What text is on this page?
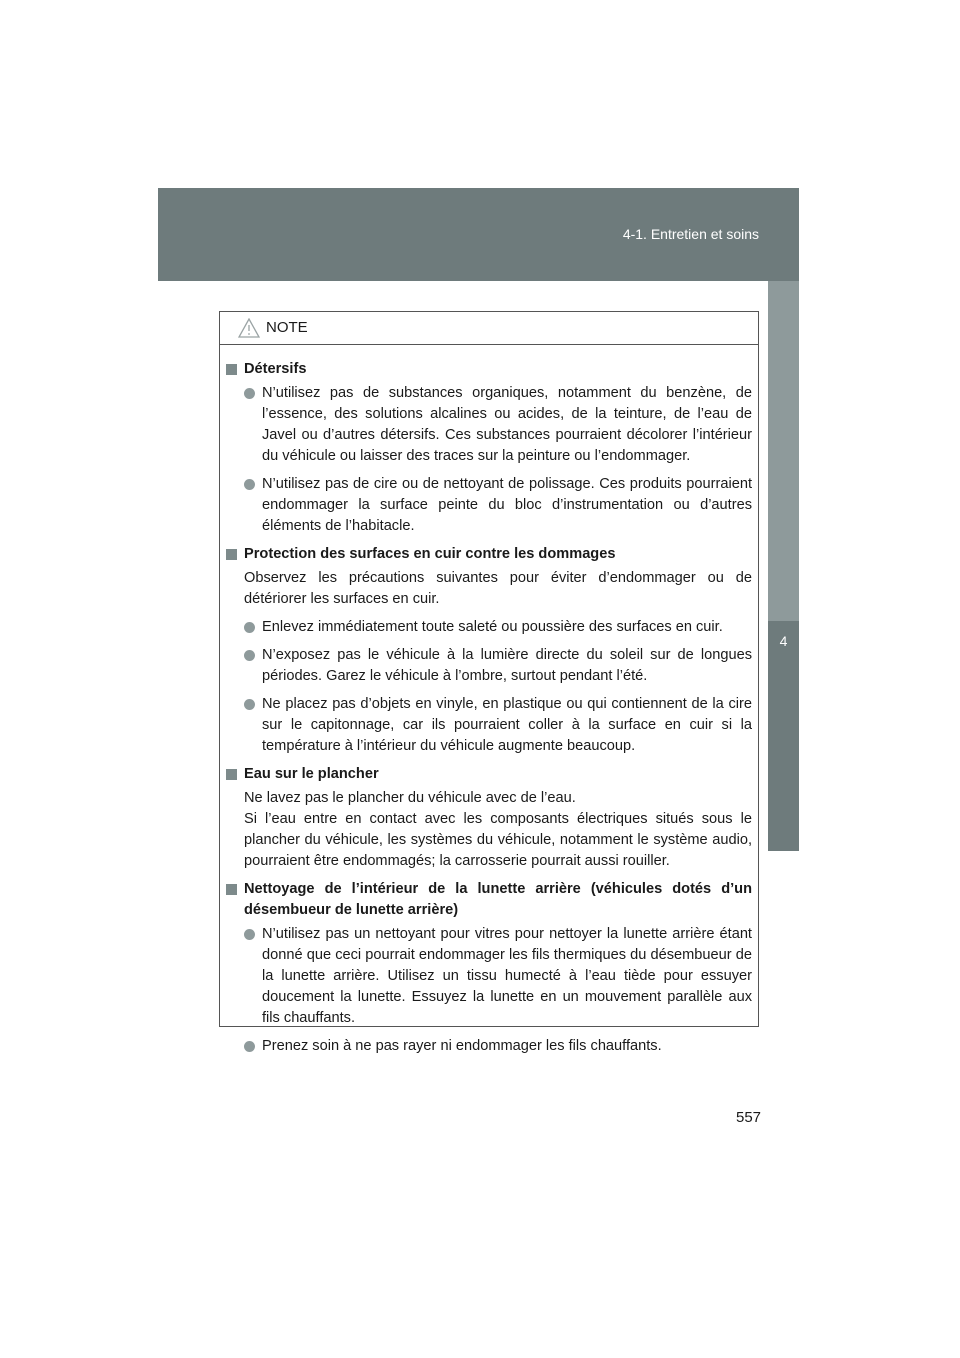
4-1. Entretien et soins
4
Entretien et soins
NOTE
Détersifs
N’utilisez pas de substances organiques, notamment du benzène, de l’essence, des solutions alcalines ou acides, de la teinture, de l’eau de Javel ou d’autres détersifs. Ces substances pourraient décolorer l’intérieur du véhicule ou laisser des traces sur la peinture ou l’endommager.
N’utilisez pas de cire ou de nettoyant de polissage. Ces produits pourraient endommager la surface peinte du bloc d’instrumentation ou d’autres éléments de l’habitacle.
Protection des surfaces en cuir contre les dommages
Observez les précautions suivantes pour éviter d’endommager ou de détériorer les surfaces en cuir.
Enlevez immédiatement toute saleté ou poussière des surfaces en cuir.
N’exposez pas le véhicule à la lumière directe du soleil sur de longues périodes. Garez le véhicule à l’ombre, surtout pendant l’été.
Ne placez pas d’objets en vinyle, en plastique ou qui contiennent de la cire sur le capitonnage, car ils pourraient coller à la surface en cuir si la température à l’intérieur du véhicule augmente beaucoup.
Eau sur le plancher
Ne lavez pas le plancher du véhicule avec de l’eau.
Si l’eau entre en contact avec les composants électriques situés sous le plancher du véhicule, les systèmes du véhicule, notamment le système audio, pourraient être endommagés; la carrosserie pourrait aussi rouiller.
Nettoyage de l’intérieur de la lunette arrière (véhicules dotés d’un désembueur de lunette arrière)
N’utilisez pas un nettoyant pour vitres pour nettoyer la lunette arrière étant donné que ceci pourrait endommager les fils thermiques du désembueur de la lunette arrière. Utilisez un tissu humecté à l’eau tiède pour essuyer doucement la lunette. Essuyez la lunette en un mouvement parallèle aux fils chauffants.
Prenez soin à ne pas rayer ni endommager les fils chauffants.
557
